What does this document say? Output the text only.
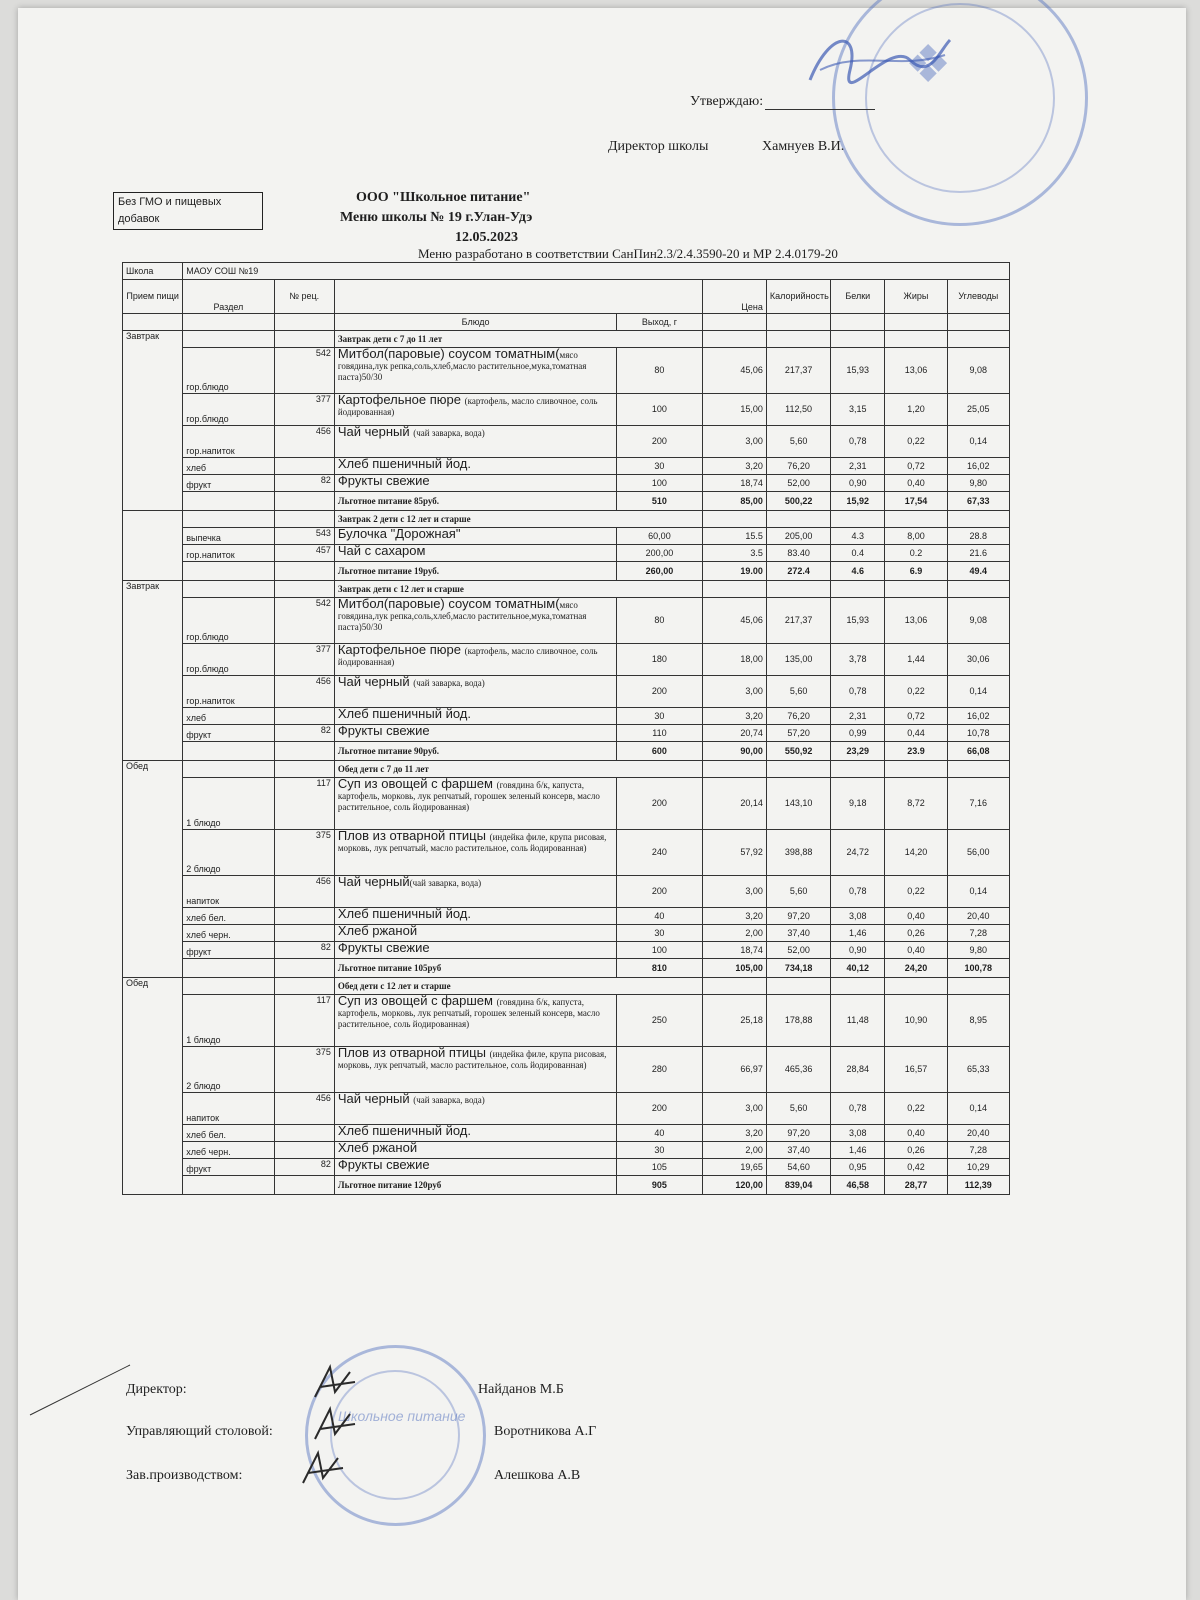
❖
Утверждаю:
Директор школы	Хамнуев В.И.
Без ГМО и пищевых добавок
ООО "Школьное питание"
Меню школы № 19 г.Улан-Удэ
12.05.2023
Меню разработано в соответствии СанПин2.3/2.4.3590-20 и МР 2.4.0179-20
Школа	МАОУ СОШ №19								
Прием пищи	Раздел	№ рец.			Цена	Калорийность	Белки	Жиры	Углеводы
			Блюдо	Выход, г					
Завтрак			Завтрак дети с 7 до 11 лет						
	гор.блюдо	542	Митбол(паровые) соусом томатным(мясо говядина,лук репка,соль,хлеб,масло растительное,мука,томатная паста)50/30	80	45,06	217,37	15,93	13,06	9,08
	гор.блюдо	377	Картофельное пюре (картофель, масло сливочное, соль йодированная)	100	15,00	112,50	3,15	1,20	25,05
	гор.напиток	456	Чай черный (чай заварка, вода)	200	3,00	5,60	0,78	0,22	0,14
	хлеб		Хлеб пшеничный йод.	30	3,20	76,20	2,31	0,72	16,02
	фрукт	82	Фрукты свежие	100	18,74	52,00	0,90	0,40	9,80
			Льготное питание 85руб.	510	85,00	500,22	15,92	17,54	67,33
			Завтрак 2 дети с 12 лет и старше						
	выпечка	543	Булочка "Дорожная"	60,00	15.5	205,00	4.3	8,00	28.8
	гор.напиток	457	Чай с сахаром	200,00	3.5	83.40	0.4	0.2	21.6
			Льготное питание 19руб.	260,00	19.00	272.4	4.6	6.9	49.4
Завтрак			Завтрак дети с 12 лет и старше						
	гор.блюдо	542	Митбол(паровые) соусом томатным(мясо говядина,лук репка,соль,хлеб,масло растительное,мука,томатная паста)50/30	80	45,06	217,37	15,93	13,06	9,08
	гор.блюдо	377	Картофельное пюре (картофель, масло сливочное, соль йодированная)	180	18,00	135,00	3,78	1,44	30,06
	гор.напиток	456	Чай черный (чай заварка, вода)	200	3,00	5,60	0,78	0,22	0,14
	хлеб		Хлеб пшеничный йод.	30	3,20	76,20	2,31	0,72	16,02
	фрукт	82	Фрукты свежие	110	20,74	57,20	0,99	0,44	10,78
			Льготное питание 90руб.	600	90,00	550,92	23,29	23.9	66,08
Обед			Обед дети с 7 до 11 лет						
	1 блюдо	117	Суп из овощей с фаршем (говядина б/к, капуста, картофель, морковь, лук репчатый, горошек зеленый консерв, масло растительное, соль йодированная)	200	20,14	143,10	9,18	8,72	7,16
	2 блюдо	375	Плов из отварной птицы (индейка филе, крупа рисовая, морковь, лук репчатый, масло растительное, соль йодированная)	240	57,92	398,88	24,72	14,20	56,00
	напиток	456	Чай черный(чай заварка, вода)	200	3,00	5,60	0,78	0,22	0,14
	хлеб бел.		Хлеб пшеничный йод.	40	3,20	97,20	3,08	0,40	20,40
	хлеб черн.		Хлеб ржаной	30	2,00	37,40	1,46	0,26	7,28
	фрукт	82	Фрукты свежие	100	18,74	52,00	0,90	0,40	9,80
			Льготное питание 105руб	810	105,00	734,18	40,12	24,20	100,78
Обед			Обед дети с 12 лет и старше						
	1 блюдо	117	Суп из овощей с фаршем (говядина б/к, капуста, картофель, морковь, лук репчатый, горошек зеленый консерв, масло растительное, соль йодированная)	250	25,18	178,88	11,48	10,90	8,95
	2 блюдо	375	Плов из отварной птицы (индейка филе, крупа рисовая, морковь, лук репчатый, масло растительное, соль йодированная)	280	66,97	465,36	28,84	16,57	65,33
	напиток	456	Чай черный (чай заварка, вода)	200	3,00	5,60	0,78	0,22	0,14
	хлеб бел.		Хлеб пшеничный йод.	40	3,20	97,20	3,08	0,40	20,40
	хлеб черн.		Хлеб ржаной	30	2,00	37,40	1,46	0,26	7,28
	фрукт	82	Фрукты свежие	105	19,65	54,60	0,95	0,42	10,29
			Льготное питание 120руб	905	120,00	839,04	46,58	28,77	112,39
Школьное питание
Директор:	Найданов М.Б
Управляющий столовой:	Воротникова А.Г
Зав.производством:	Алешкова А.В
